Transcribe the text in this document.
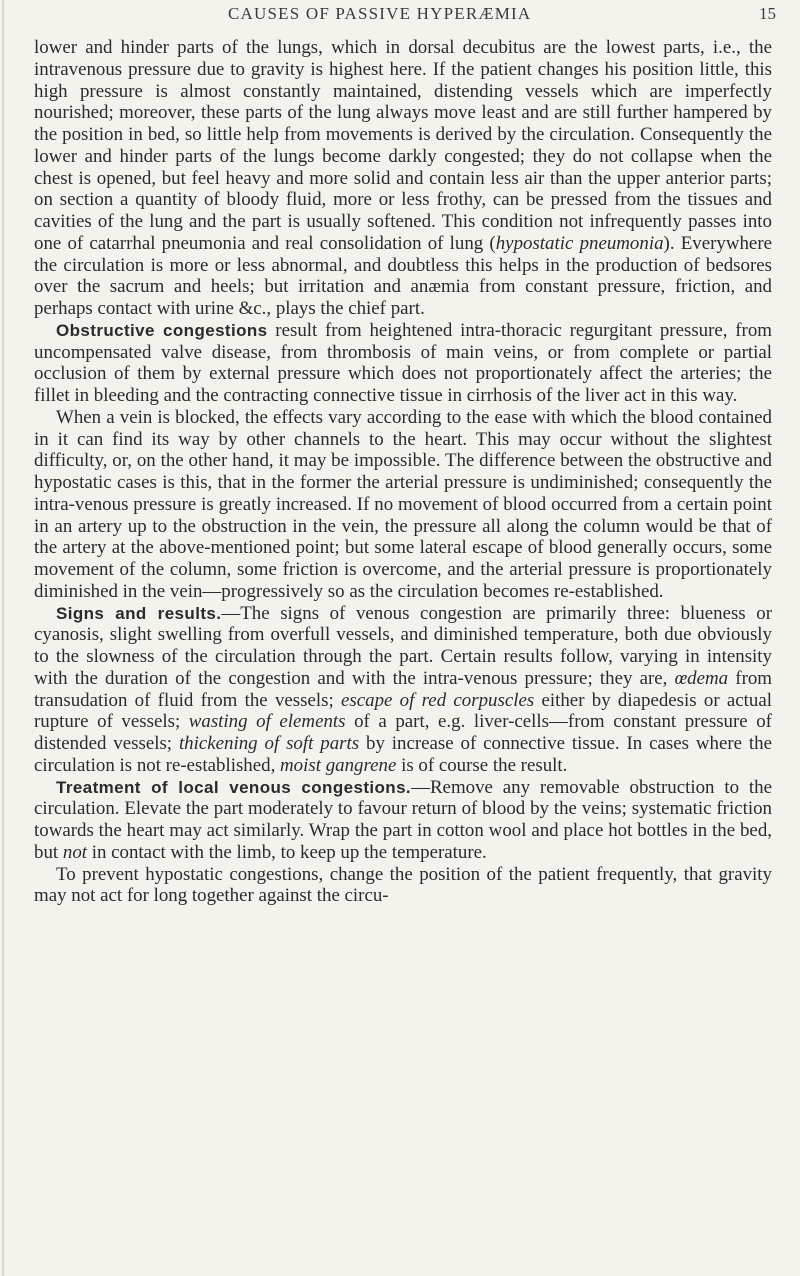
CAUSES OF PASSIVE HYPERÆMIA	15

lower and hinder parts of the lungs, which in dorsal decubitus are the lowest parts, i.e., the intravenous pressure due to gravity is highest here. If the patient changes his position little, this high pressure is almost constantly maintained, distending vessels which are imperfectly nourished; moreover, these parts of the lung always move least and are still further hampered by the position in bed, so little help from movements is derived by the circulation. Consequently the lower and hinder parts of the lungs become darkly congested; they do not collapse when the chest is opened, but feel heavy and more solid and contain less air than the upper anterior parts; on section a quantity of bloody fluid, more or less frothy, can be pressed from the tissues and cavities of the lung and the part is usually softened. This condition not infrequently passes into one of catarrhal pneumonia and real consolidation of lung (hypostatic pneumonia). Everywhere the circulation is more or less abnormal, and doubtless this helps in the production of bedsores over the sacrum and heels; but irritation and anæmia from constant pressure, friction, and perhaps contact with urine &c., plays the chief part.

Obstructive congestions result from heightened intra-thoracic regurgitant pressure, from uncompensated valve disease, from thrombosis of main veins, or from complete or partial occlusion of them by external pressure which does not proportionately affect the arteries; the fillet in bleeding and the contracting connective tissue in cirrhosis of the liver act in this way.

When a vein is blocked, the effects vary according to the ease with which the blood contained in it can find its way by other channels to the heart. This may occur without the slightest difficulty, or, on the other hand, it may be impossible. The difference between the obstructive and hypostatic cases is this, that in the former the arterial pressure is undiminished; consequently the intra-venous pressure is greatly increased. If no movement of blood occurred from a certain point in an artery up to the obstruction in the vein, the pressure all along the column would be that of the artery at the above-mentioned point; but some lateral escape of blood generally occurs, some movement of the column, some friction is overcome, and the arterial pressure is proportionately diminished in the vein—progressively so as the circulation becomes re-established.

Signs and results.—The signs of venous congestion are primarily three: blueness or cyanosis, slight swelling from overfull vessels, and diminished temperature, both due obviously to the slowness of the circulation through the part. Certain results follow, varying in intensity with the duration of the congestion and with the intra-venous pressure; they are, œdema from transudation of fluid from the vessels; escape of red corpuscles either by diapedesis or actual rupture of vessels; wasting of elements of a part, e.g. liver-cells—from constant pressure of distended vessels; thickening of soft parts by increase of connective tissue. In cases where the circulation is not re-established, moist gangrene is of course the result.

Treatment of local venous congestions.—Remove any removable obstruction to the circulation. Elevate the part moderately to favour return of blood by the veins; systematic friction towards the heart may act similarly. Wrap the part in cotton wool and place hot bottles in the bed, but not in contact with the limb, to keep up the temperature.

To prevent hypostatic congestions, change the position of the patient frequently, that gravity may not act for long together against the circu-
